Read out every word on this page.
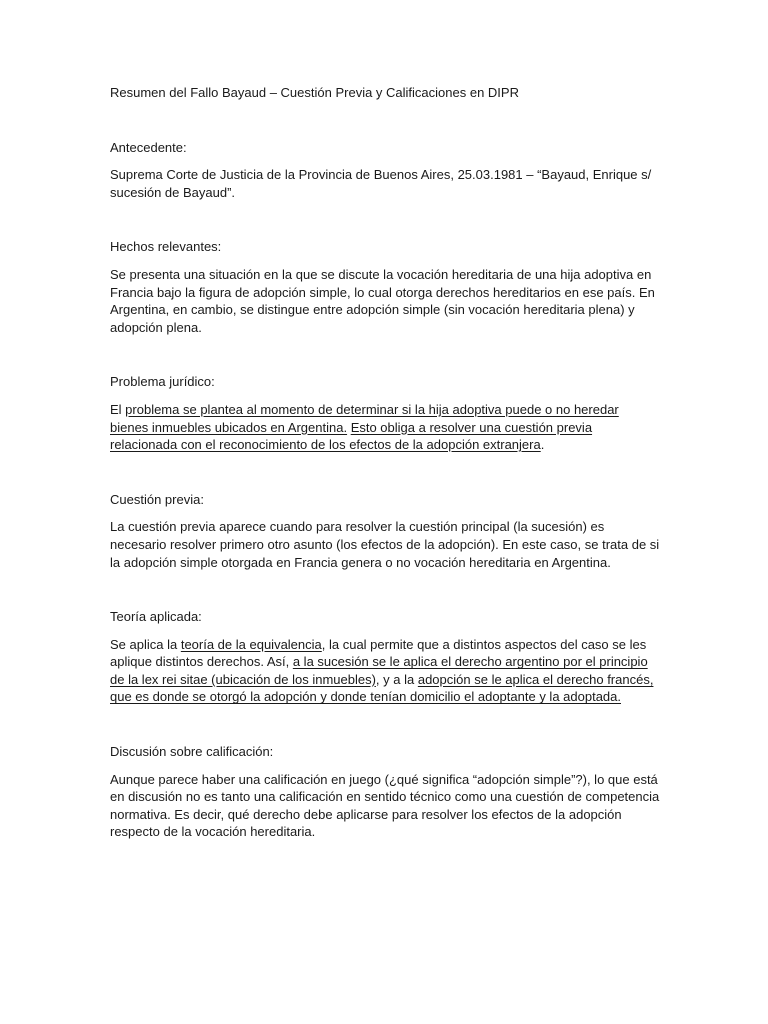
Resumen del Fallo Bayaud – Cuestión Previa y Calificaciones en DIPR

Antecedente:

Suprema Corte de Justicia de la Provincia de Buenos Aires, 25.03.1981 – “Bayaud, Enrique s/ sucesión de Bayaud”.

Hechos relevantes:

Se presenta una situación en la que se discute la vocación hereditaria de una hija adoptiva en Francia bajo la figura de adopción simple, lo cual otorga derechos hereditarios en ese país. En Argentina, en cambio, se distingue entre adopción simple (sin vocación hereditaria plena) y adopción plena.

Problema jurídico:

El problema se plantea al momento de determinar si la hija adoptiva puede o no heredar bienes inmuebles ubicados en Argentina. Esto obliga a resolver una cuestión previa relacionada con el reconocimiento de los efectos de la adopción extranjera.

Cuestión previa:

La cuestión previa aparece cuando para resolver la cuestión principal (la sucesión) es necesario resolver primero otro asunto (los efectos de la adopción). En este caso, se trata de si la adopción simple otorgada en Francia genera o no vocación hereditaria en Argentina.

Teoría aplicada:

Se aplica la teoría de la equivalencia, la cual permite que a distintos aspectos del caso se les aplique distintos derechos. Así, a la sucesión se le aplica el derecho argentino por el principio de la lex rei sitae (ubicación de los inmuebles), y a la adopción se le aplica el derecho francés, que es donde se otorgó la adopción y donde tenían domicilio el adoptante y la adoptada.

Discusión sobre calificación:

Aunque parece haber una calificación en juego (¿qué significa “adopción simple”?), lo que está en discusión no es tanto una calificación en sentido técnico como una cuestión de competencia normativa. Es decir, qué derecho debe aplicarse para resolver los efectos de la adopción respecto de la vocación hereditaria.
